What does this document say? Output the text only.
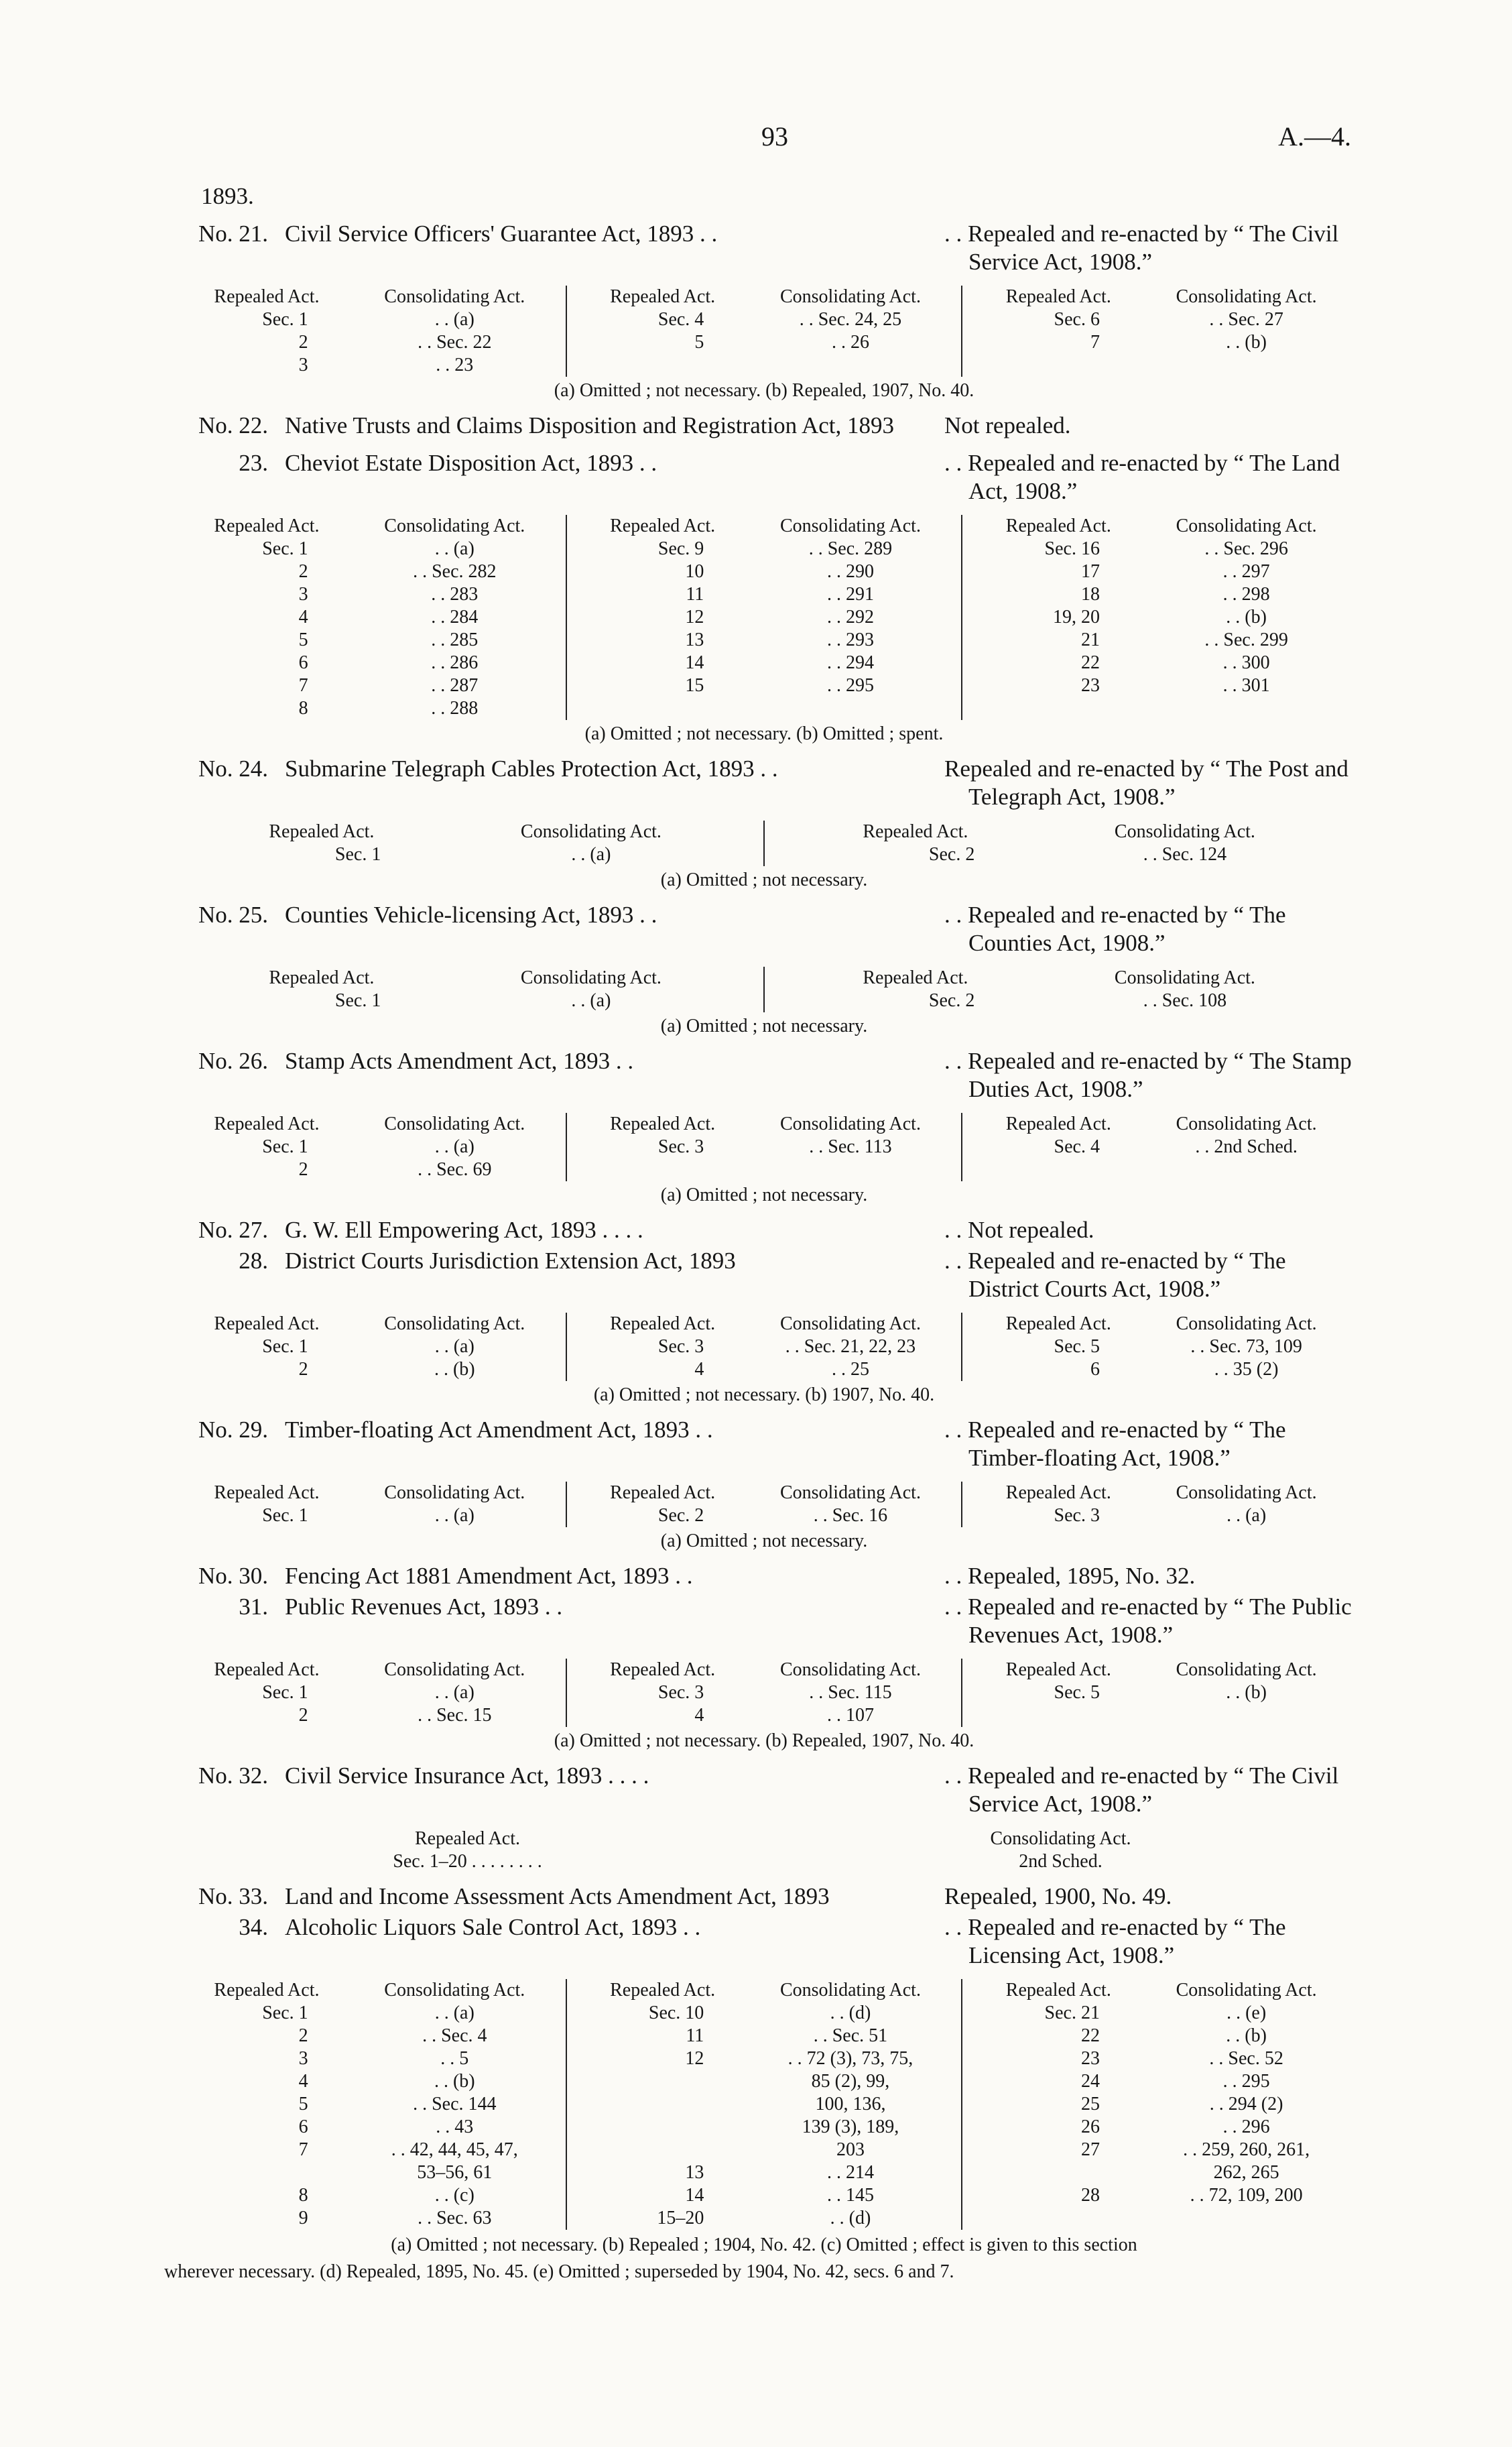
93	A.—4.
1893.
No. 21. Civil Service Officers' Guarantee Act, 1893 . .	. . Repealed and re-enacted by “ The Civil Service Act, 1908.”
Repealed Act.	Consolidating Act.
Sec. 1	. . (a)
2	. . Sec. 22
3	. . 23
Repealed Act.	Consolidating Act.
Sec. 4	. . Sec. 24, 25
5	. . 26
Repealed Act.	Consolidating Act.
Sec. 6	. . Sec. 27
7	. . (b)
(a) Omitted ; not necessary. (b) Repealed, 1907, No. 40.
No. 22. Native Trusts and Claims Disposition and Registration Act, 1893	Not repealed.
23. Cheviot Estate Disposition Act, 1893 . .	. . Repealed and re-enacted by “ The Land Act, 1908.”
Repealed Act.	Consolidating Act.
Sec. 1	. . (a)
2	. . Sec. 282
3	. . 283
4	. . 284
5	. . 285
6	. . 286
7	. . 287
8	. . 288
Repealed Act.	Consolidating Act.
Sec. 9	. . Sec. 289
10	. . 290
11	. . 291
12	. . 292
13	. . 293
14	. . 294
15	. . 295
Repealed Act.	Consolidating Act.
Sec. 16	. . Sec. 296
17	. . 297
18	. . 298
19, 20	. . (b)
21	. . Sec. 299
22	. . 300
23	. . 301
(a) Omitted ; not necessary. (b) Omitted ; spent.
No. 24. Submarine Telegraph Cables Protection Act, 1893 . .	Repealed and re-enacted by “ The Post and Telegraph Act, 1908.”
Repealed Act.	Consolidating Act.
Sec. 1	. . (a)
Repealed Act.	Consolidating Act.
Sec. 2	. . Sec. 124
(a) Omitted ; not necessary.
No. 25. Counties Vehicle-licensing Act, 1893 . .	. . Repealed and re-enacted by “ The Counties Act, 1908.”
Repealed Act.	Consolidating Act.
Sec. 1	. . (a)
Repealed Act.	Consolidating Act.
Sec. 2	. . Sec. 108
(a) Omitted ; not necessary.
No. 26. Stamp Acts Amendment Act, 1893 . .	. . Repealed and re-enacted by “ The Stamp Duties Act, 1908.”
Repealed Act.	Consolidating Act.
Sec. 1	. . (a)
2	. . Sec. 69
Repealed Act.	Consolidating Act.
Sec. 3	. . Sec. 113
Repealed Act.	Consolidating Act.
Sec. 4	. . 2nd Sched.
(a) Omitted ; not necessary.
No. 27. G. W. Ell Empowering Act, 1893 . . . .	. . Not repealed.
28. District Courts Jurisdiction Extension Act, 1893	. . Repealed and re-enacted by “ The District Courts Act, 1908.”
Repealed Act.	Consolidating Act.
Sec. 1	. . (a)
2	. . (b)
Repealed Act.	Consolidating Act.
Sec. 3	. . Sec. 21, 22, 23
4	. . 25
Repealed Act.	Consolidating Act.
Sec. 5	. . Sec. 73, 109
6	. . 35 (2)
(a) Omitted ; not necessary. (b) 1907, No. 40.
No. 29. Timber-floating Act Amendment Act, 1893 . .	. . Repealed and re-enacted by “ The Timber-floating Act, 1908.”
Repealed Act.	Consolidating Act.
Sec. 1	. . (a)
Repealed Act.	Consolidating Act.
Sec. 2	. . Sec. 16
Repealed Act.	Consolidating Act.
Sec. 3	. . (a)
(a) Omitted ; not necessary.
No. 30. Fencing Act 1881 Amendment Act, 1893 . .	. . Repealed, 1895, No. 32.
31. Public Revenues Act, 1893 . .	. . Repealed and re-enacted by “ The Public Revenues Act, 1908.”
Repealed Act.	Consolidating Act.
Sec. 1	. . (a)
2	. . Sec. 15
Repealed Act.	Consolidating Act.
Sec. 3	. . Sec. 115
4	. . 107
Repealed Act.	Consolidating Act.
Sec. 5	. . (b)
(a) Omitted ; not necessary. (b) Repealed, 1907, No. 40.
No. 32. Civil Service Insurance Act, 1893 . . . .	. . Repealed and re-enacted by “ The Civil Service Act, 1908.”
Repealed Act.
Sec. 1–20 . . . . . . . .
Consolidating Act.
2nd Sched.
No. 33. Land and Income Assessment Acts Amendment Act, 1893	Repealed, 1900, No. 49.
34. Alcoholic Liquors Sale Control Act, 1893 . .	. . Repealed and re-enacted by “ The Licensing Act, 1908.”
Repealed Act.	Consolidating Act.
Sec. 1	. . (a)
2	. . Sec. 4
3	. . 5
4	. . (b)
5	. . Sec. 144
6	. . 43
7	. . 42, 44, 45, 47,
53–56, 61
8	. . (c)
9	. . Sec. 63
Repealed Act.	Consolidating Act.
Sec. 10	. . (d)
11	. . Sec. 51
12	. . 72 (3), 73, 75,
85 (2), 99,
100, 136,
139 (3), 189,
203
13	. . 214
14	. . 145
15–20	. . (d)
Repealed Act.	Consolidating Act.
Sec. 21	. . (e)
22	. . (b)
23	. . Sec. 52
24	. . 295
25	. . 294 (2)
26	. . 296
27	. . 259, 260, 261,
262, 265
28	. . 72, 109, 200
(a) Omitted ; not necessary. (b) Repealed ; 1904, No. 42. (c) Omitted ; effect is given to this section
wherever necessary. (d) Repealed, 1895, No. 45. (e) Omitted ; superseded by 1904, No. 42, secs. 6 and 7.
